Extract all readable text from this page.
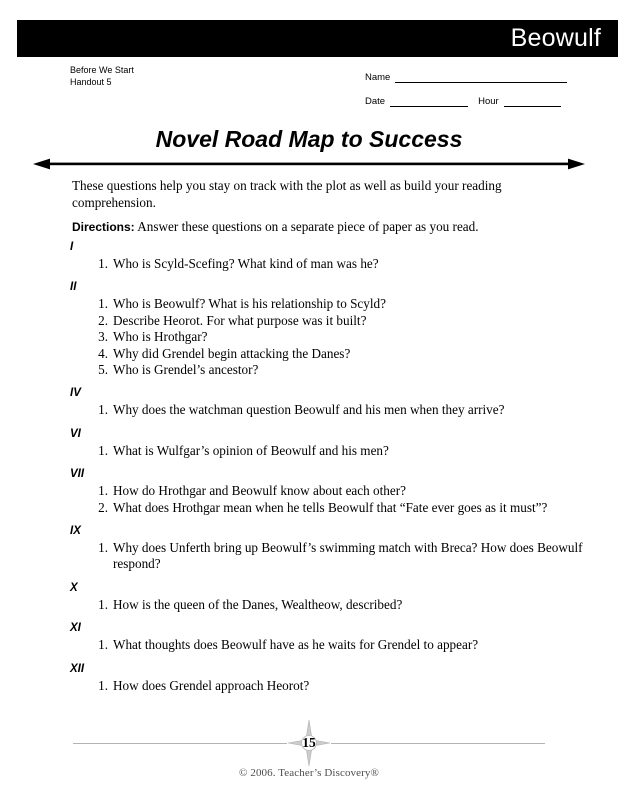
Beowulf
Before We Start
Handout 5	Name
Date	Hour
Novel Road Map to Success
These questions help you stay on track with the plot as well as build your reading comprehension.
Directions: Answer these questions on a separate piece of paper as you read.
I
1. Who is Scyld-Scefing? What kind of man was he?
II
1. Who is Beowulf? What is his relationship to Scyld?
2. Describe Heorot. For what purpose was it built?
3. Who is Hrothgar?
4. Why did Grendel begin attacking the Danes?
5. Who is Grendel’s ancestor?
IV
1. Why does the watchman question Beowulf and his men when they arrive?
VI
1. What is Wulfgar’s opinion of Beowulf and his men?
VII
1. How do Hrothgar and Beowulf know about each other?
2. What does Hrothgar mean when he tells Beowulf that “Fate ever goes as it must”?
IX
1. Why does Unferth bring up Beowulf’s swimming match with Breca? How does Beowulf respond?
X
1. How is the queen of the Danes, Wealtheow, described?
XI
1. What thoughts does Beowulf have as he waits for Grendel to appear?
XII
1. How does Grendel approach Heorot?
15
© 2006. Teacher’s Discovery®
